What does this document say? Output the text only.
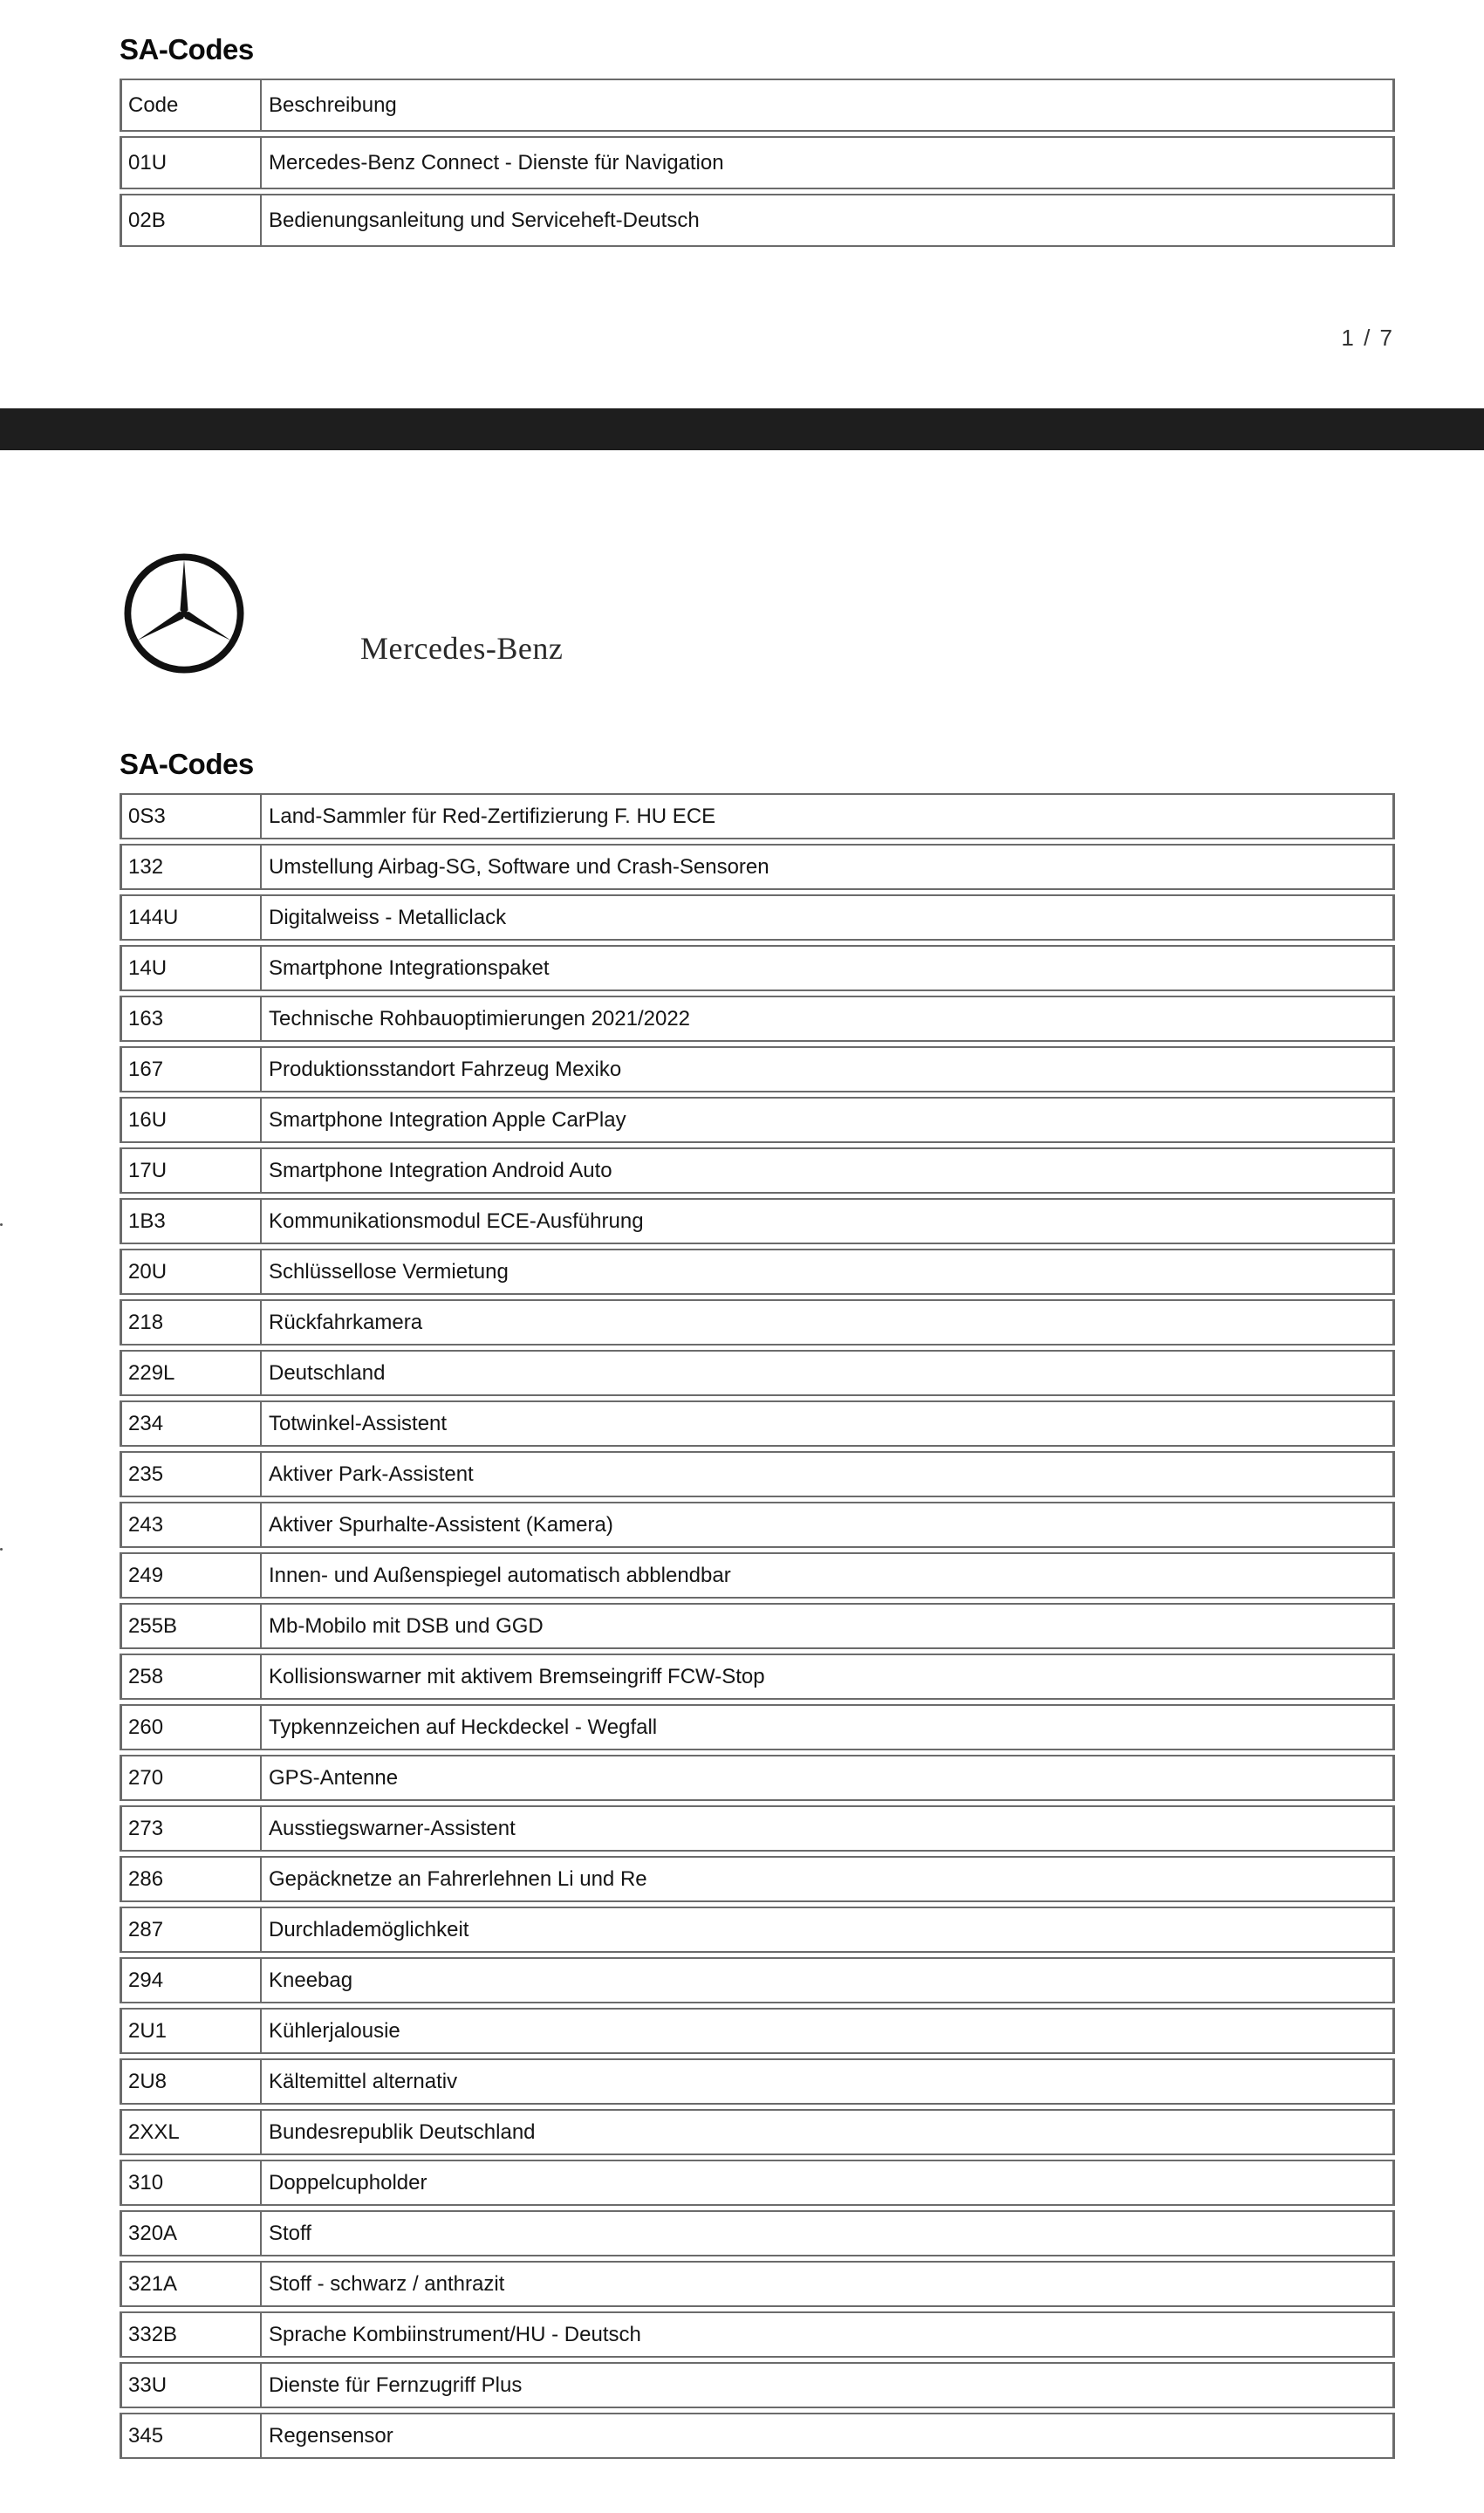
SA-Codes
Code	Beschreibung
01U	Mercedes-Benz Connect - Dienste für Navigation
02B	Bedienungsanleitung und Serviceheft-Deutsch
1 / 7
Mercedes-Benz
SA-Codes
0S3	Land-Sammler für Red-Zertifizierung F. HU ECE
132	Umstellung Airbag-SG, Software und Crash-Sensoren
144U	Digitalweiss - Metalliclack
14U	Smartphone Integrationspaket
163	Technische Rohbauoptimierungen 2021/2022
167	Produktionsstandort Fahrzeug Mexiko
16U	Smartphone Integration Apple CarPlay
17U	Smartphone Integration Android Auto
1B3	Kommunikationsmodul ECE-Ausführung
20U	Schlüssellose Vermietung
218	Rückfahrkamera
229L	Deutschland
234	Totwinkel-Assistent
235	Aktiver Park-Assistent
243	Aktiver Spurhalte-Assistent (Kamera)
249	Innen- und Außenspiegel automatisch abblendbar
255B	Mb-Mobilo mit DSB und GGD
258	Kollisionswarner mit aktivem Bremseingriff FCW-Stop
260	Typkennzeichen auf Heckdeckel - Wegfall
270	GPS-Antenne
273	Ausstiegswarner-Assistent
286	Gepäcknetze an Fahrerlehnen Li und Re
287	Durchlademöglichkeit
294	Kneebag
2U1	Kühlerjalousie
2U8	Kältemittel alternativ
2XXL	Bundesrepublik Deutschland
310	Doppelcupholder
320A	Stoff
321A	Stoff - schwarz / anthrazit
332B	Sprache Kombiinstrument/HU - Deutsch
33U	Dienste für Fernzugriff Plus
345	Regensensor
